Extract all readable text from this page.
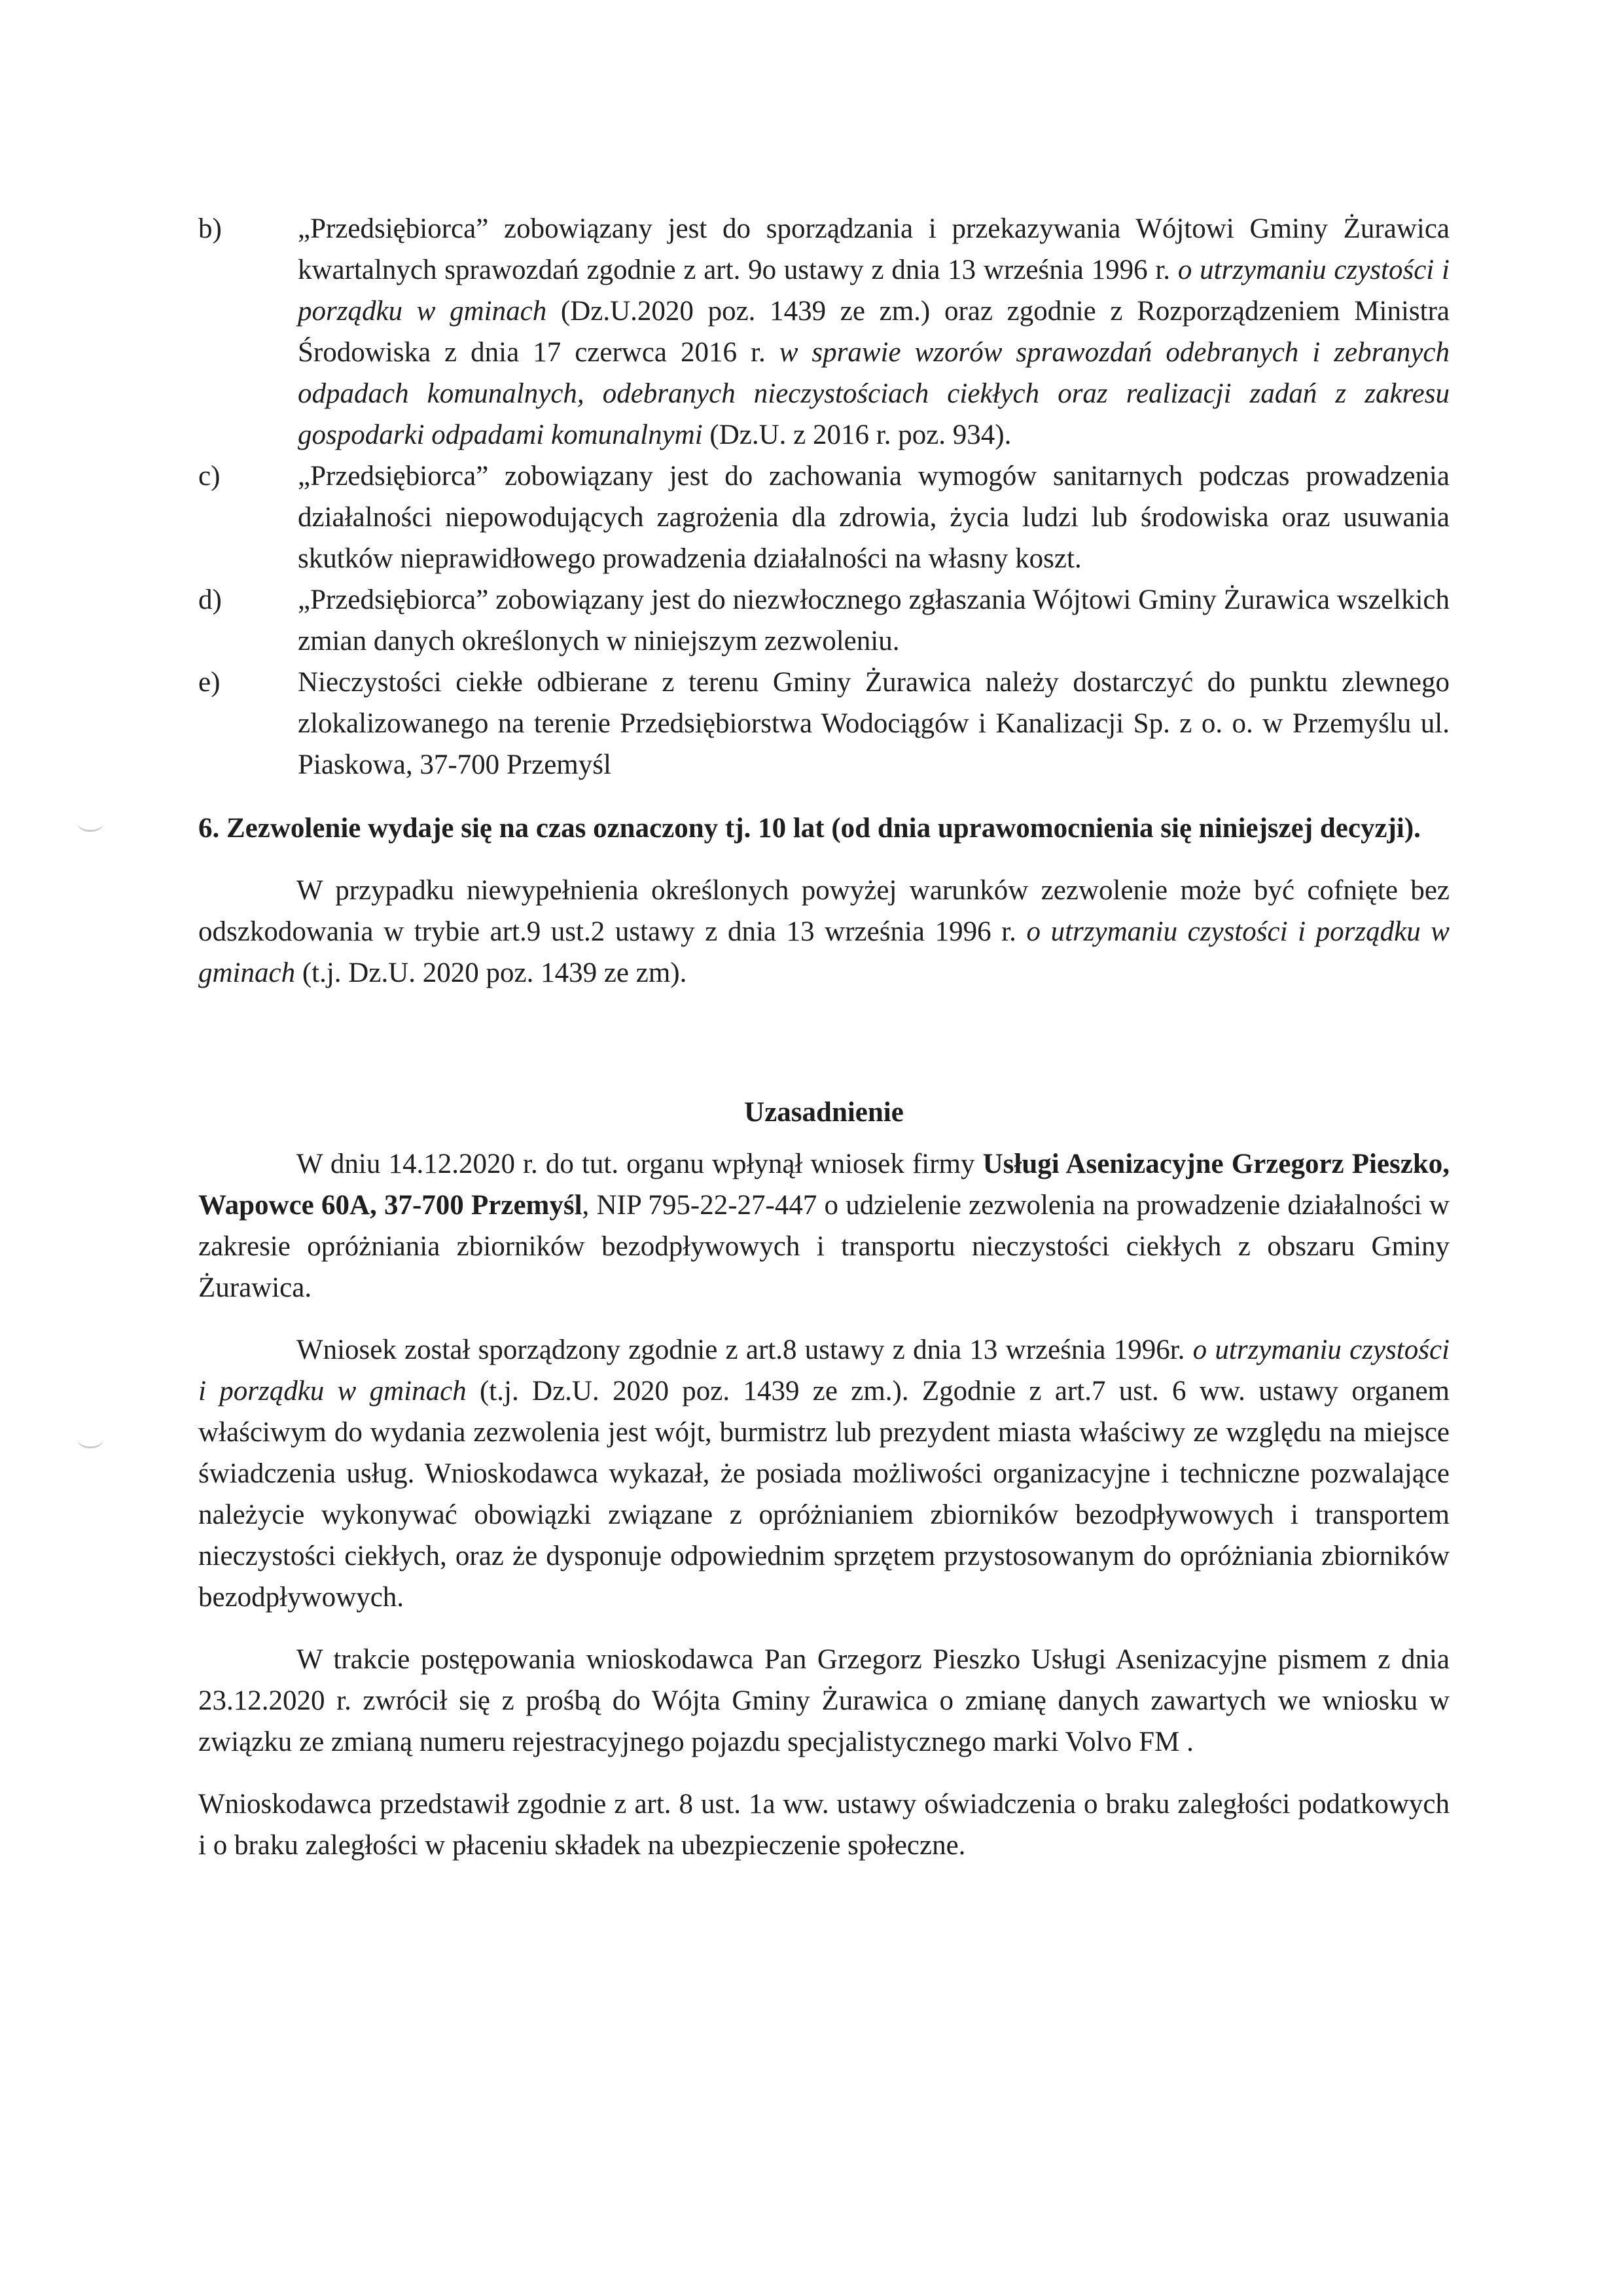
b)	„Przedsiębiorca” zobowiązany jest do sporządzania i przekazywania Wójtowi Gminy Żurawica kwartalnych sprawozdań zgodnie z art. 9o ustawy z dnia 13 września 1996 r. o utrzymaniu czystości i porządku w gminach (Dz.U.2020 poz. 1439 ze zm.) oraz zgodnie z Rozporządzeniem Ministra Środowiska z dnia 17 czerwca 2016 r. w sprawie wzorów sprawozdań odebranych i zebranych odpadach komunalnych, odebranych nieczystościach ciekłych oraz realizacji zadań z zakresu gospodarki odpadami komunalnymi (Dz.U. z 2016 r. poz. 934).
c)	„Przedsiębiorca” zobowiązany jest do zachowania wymogów sanitarnych podczas prowadzenia działalności niepowodujących zagrożenia dla zdrowia, życia ludzi lub środowiska oraz usuwania skutków nieprawidłowego prowadzenia działalności na własny koszt.
d)	„Przedsiębiorca” zobowiązany jest do niezwłocznego zgłaszania Wójtowi Gminy Żurawica wszelkich zmian danych określonych w niniejszym zezwoleniu.
e)	Nieczystości ciekłe odbierane z terenu Gminy Żurawica należy dostarczyć do punktu zlewnego zlokalizowanego na terenie Przedsiębiorstwa Wodociągów i Kanalizacji Sp. z o. o. w Przemyślu ul. Piaskowa, 37-700 Przemyśl
6. Zezwolenie wydaje się na czas oznaczony tj. 10 lat (od dnia uprawomocnienia się niniejszej decyzji).
W przypadku niewypełnienia określonych powyżej warunków zezwolenie może być cofnięte bez odszkodowania w trybie art.9 ust.2 ustawy z dnia 13 września 1996 r. o utrzymaniu czystości i porządku w gminach (t.j. Dz.U. 2020 poz. 1439 ze zm).
Uzasadnienie
W dniu 14.12.2020 r. do tut. organu wpłynął wniosek firmy Usługi Asenizacyjne Grzegorz Pieszko, Wapowce 60A, 37-700 Przemyśl, NIP 795-22-27-447 o udzielenie zezwolenia na prowadzenie działalności w zakresie opróżniania zbiorników bezodpływowych i transportu nieczystości ciekłych z obszaru Gminy Żurawica.
Wniosek został sporządzony zgodnie z art.8 ustawy z dnia 13 września 1996r. o utrzymaniu czystości i porządku w gminach (t.j. Dz.U. 2020 poz. 1439 ze zm.). Zgodnie z art.7 ust. 6 ww. ustawy organem właściwym do wydania zezwolenia jest wójt, burmistrz lub prezydent miasta właściwy ze względu na miejsce świadczenia usług. Wnioskodawca wykazał, że posiada możliwości organizacyjne i techniczne pozwalające należycie wykonywać obowiązki związane z opróżnianiem zbiorników bezodpływowych i transportem nieczystości ciekłych, oraz że dysponuje odpowiednim sprzętem przystosowanym do opróżniania zbiorników bezodpływowych.
W trakcie postępowania wnioskodawca Pan Grzegorz Pieszko Usługi Asenizacyjne pismem z dnia 23.12.2020 r. zwrócił się z prośbą do Wójta Gminy Żurawica o zmianę danych zawartych we wniosku w związku ze zmianą numeru rejestracyjnego pojazdu specjalistycznego marki Volvo FM .
Wnioskodawca przedstawił zgodnie z art. 8 ust. 1a ww. ustawy oświadczenia o braku zaległości podatkowych i o braku zaległości w płaceniu składek na ubezpieczenie społeczne.
